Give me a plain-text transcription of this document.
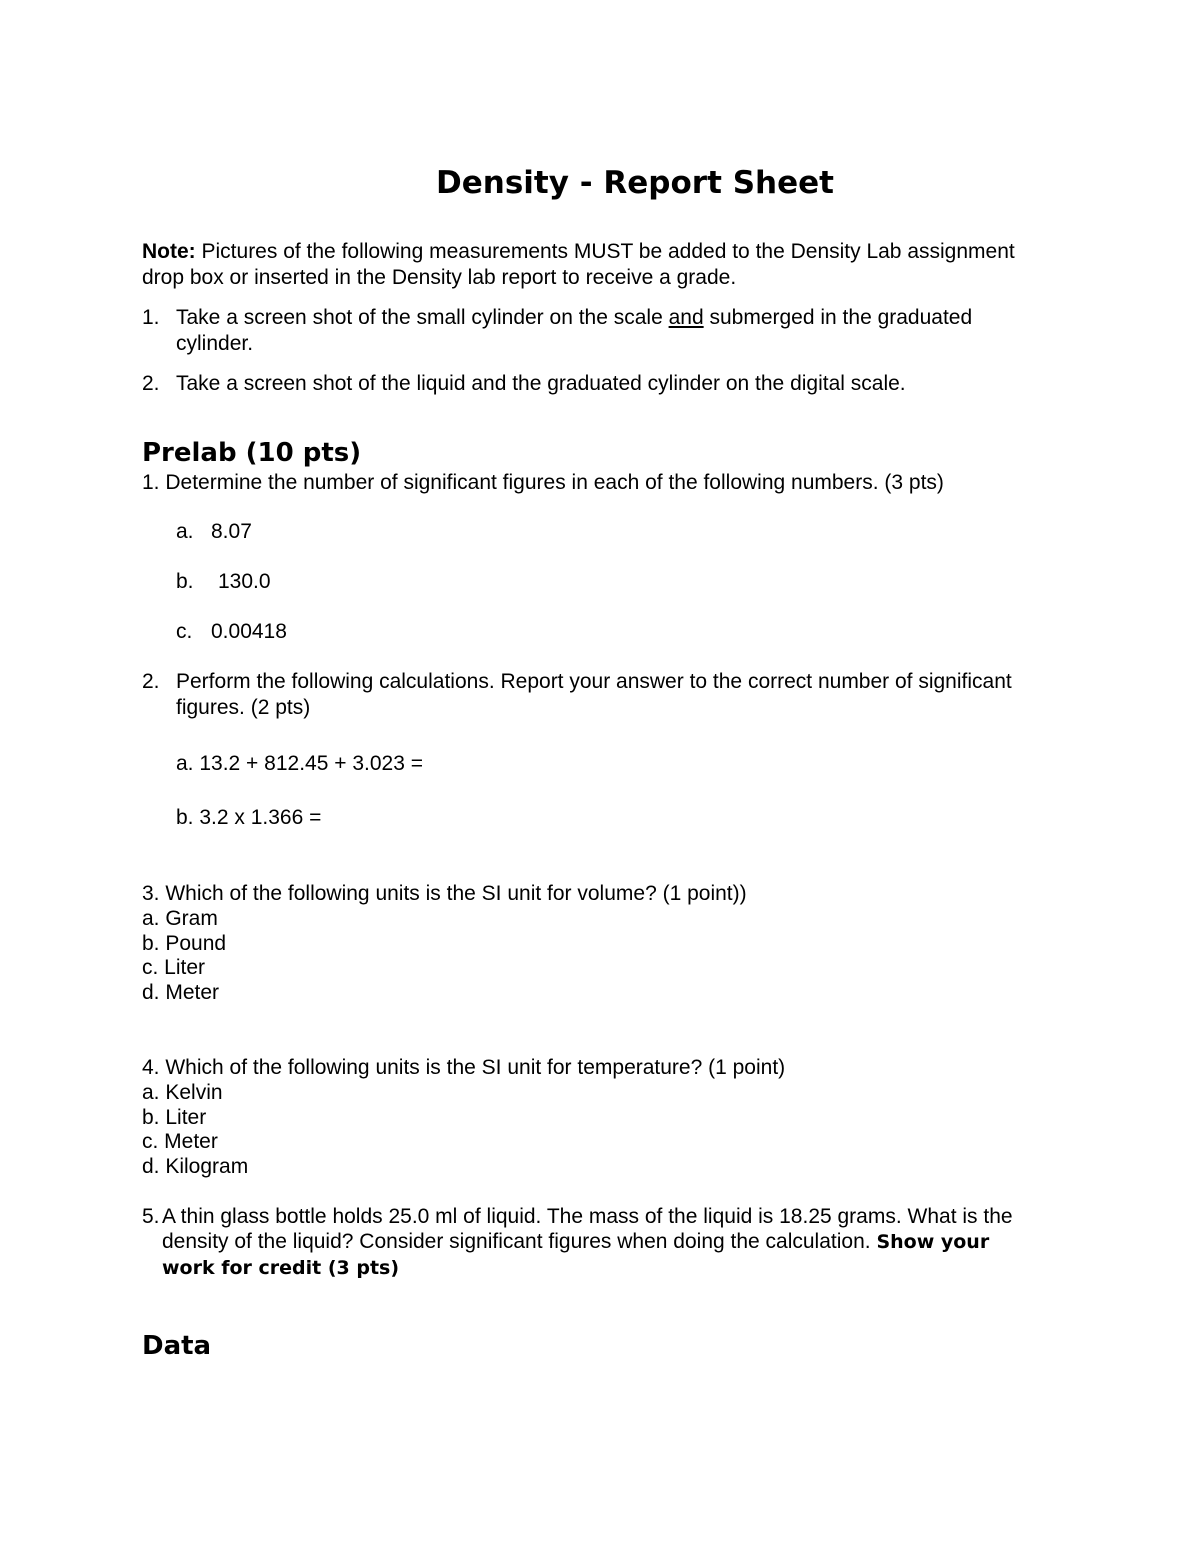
Density - Report Sheet

Note: Pictures of the following measurements MUST be added to the Density Lab assignment drop box or inserted in the Density lab report to receive a grade.

1. Take a screen shot of the small cylinder on the scale and submerged in the graduated cylinder.
2. Take a screen shot of the liquid and the graduated cylinder on the digital scale.
Prelab (10 pts)
1. Determine the number of significant figures in each of the following numbers. (3 pts)
a. 8.07
b. 130.0
c. 0.00418
2. Perform the following calculations. Report your answer to the correct number of significant figures. (2 pts)
a. 13.2 + 812.45 + 3.023 =
b. 3.2 x 1.366 =
3. Which of the following units is the SI unit for volume? (1 point))
a. Gram
b. Pound
c. Liter
d. Meter
4. Which of the following units is the SI unit for temperature? (1 point)
a. Kelvin
b. Liter
c. Meter
d. Kilogram
5. A thin glass bottle holds 25.0 ml of liquid. The mass of the liquid is 18.25 grams. What is the density of the liquid? Consider significant figures when doing the calculation. Show your work for credit (3 pts)
Data
